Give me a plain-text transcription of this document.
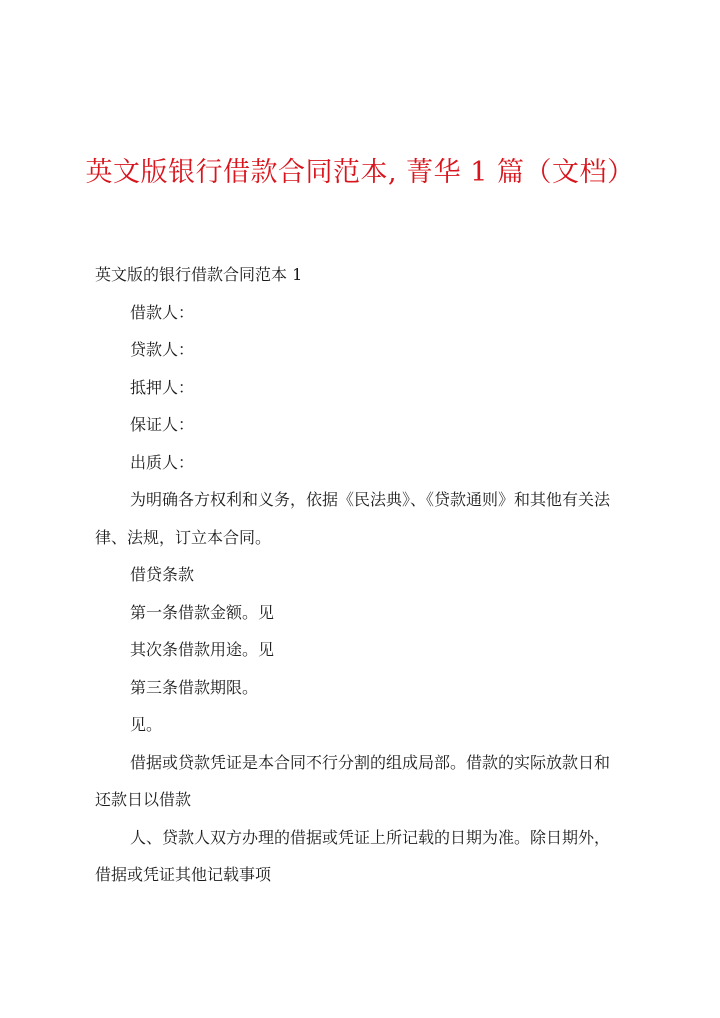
英文版银行借款合同范本, 菁华 1 篇（文档）
英文版的银行借款合同范本 1
借款人：
贷款人：
抵押人：
保证人：
出质人：
为明确各方权利和义务，依据《民法典》、《贷款通则》和其他有关法
律、法规，订立本合同。
借贷条款
第一条借款金额。见
其次条借款用途。见
第三条借款期限。
见。
借据或贷款凭证是本合同不行分割的组成局部。借款的实际放款日和
还款日以借款
人、贷款人双方办理的借据或凭证上所记载的日期为准。除日期外，
借据或凭证其他记载事项
